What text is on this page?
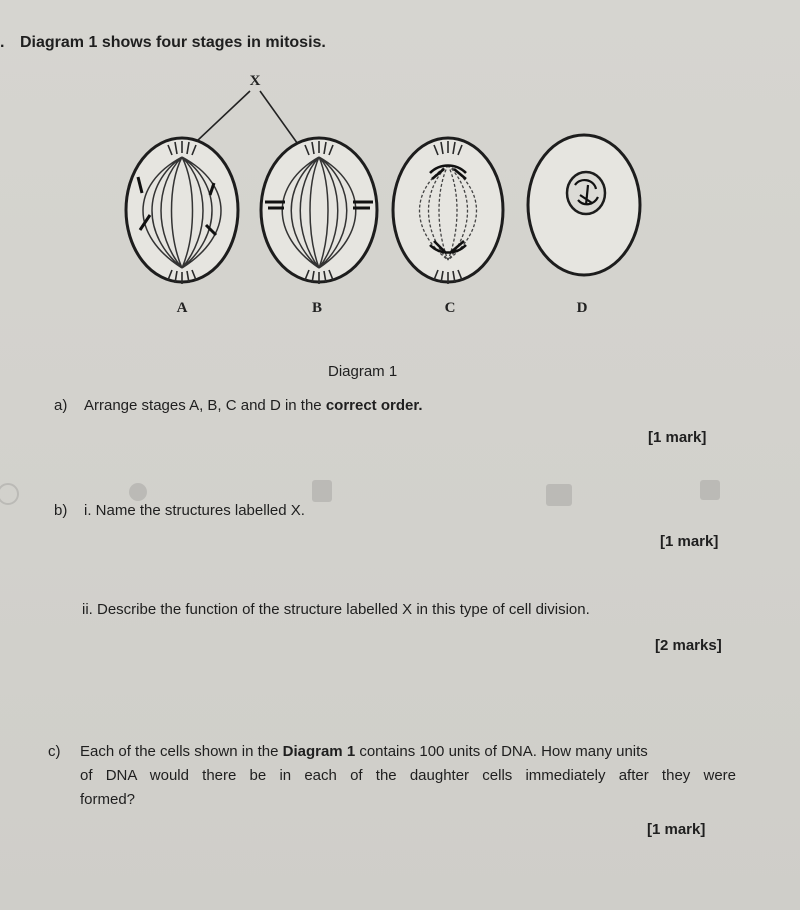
. Diagram 1 shows four stages in mitosis.
X
A	B	C	D
Diagram 1
a) Arrange stages A, B, C and D in the correct order.
[1 mark]
b) i. Name the structures labelled X.
[1 mark]
ii. Describe the function of the structure labelled X in this type of cell division.
[2 marks]
c) Each of the cells shown in the Diagram 1 contains 100 units of DNA. How many units
of DNA would there be in each of the daughter cells immediately after they were
formed?
[1 mark]
